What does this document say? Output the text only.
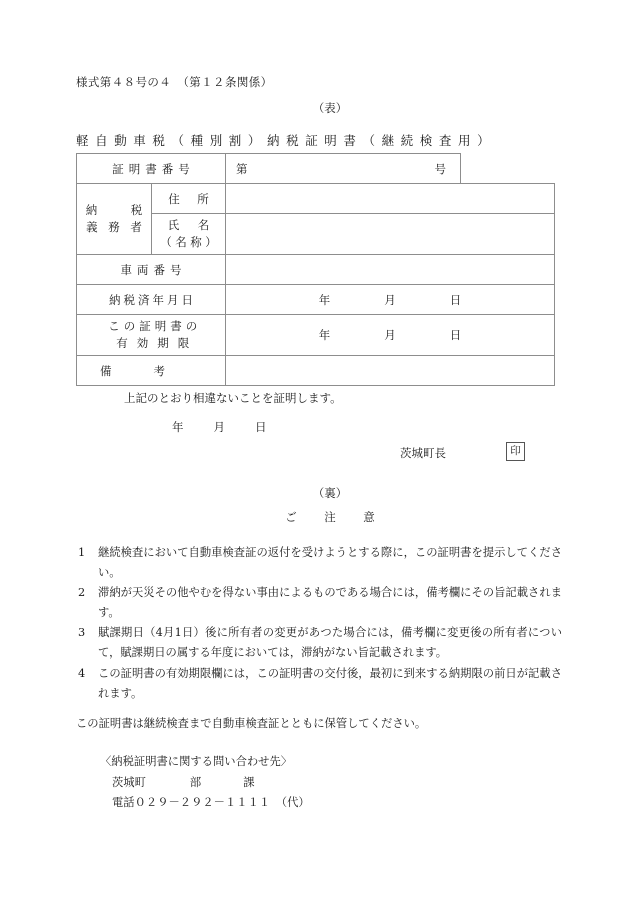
様式第４８号の４　（第１２条関係）
（表）
軽自動車税（種別割）納税証明書（継続検査用）
証明書番号		第 号	

納　　税
義 務 者	住　所		

	氏　名
（名称）		

車両番号			
納税済年月日		年 月 日	

この証明書の
有効期限		年 月 日	
備考			
上記のとおり相違ないことを証明します。
年	月	日
茨城町長	印
（裏）
ご　注　意
1 継続検査において自動車検査証の返付を受けようとする際に，この証明書を提示してください。
2 滞納が天災その他やむを得ない事由によるものである場合には，備考欄にその旨記載されます。
3 賦課期日（4月1日）後に所有者の変更があつた場合には，備考欄に変更後の所有者について，賦課期日の属する年度においては，滞納がない旨記載されます。
4 この証明書の有効期限欄には，この証明書の交付後，最初に到来する納期限の前日が記載されます。
この証明書は継続検査まで自動車検査証とともに保管してください。
〈納税証明書に関する問い合わせ先〉
茨城町	部	課
電話０２９－２９２－１１１１　（代）
